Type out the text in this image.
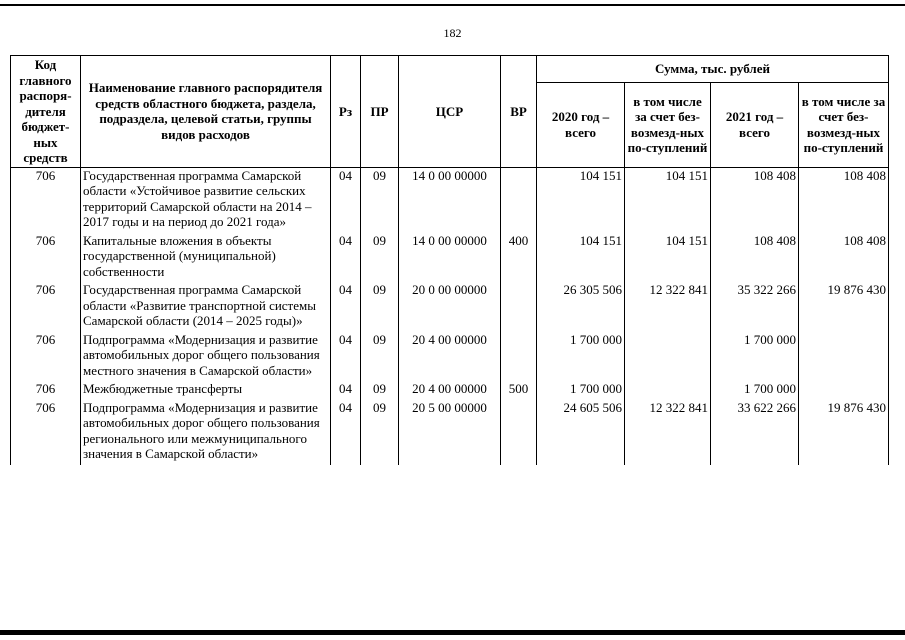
182
Код главного распоря-дителя бюджет-ных средств	Наименование главного распорядителя средств областного бюджета, раздела, подраздела, целевой статьи, группы видов расходов	Рз	ПР	ЦСР	ВР	Сумма, тыс. рублей			
						2020 год – всего	в том числе за счет без-возмезд-ных по-ступлений	2021 год – всего	в том числе за счет без-возмезд-ных по-ступлений
706	Государственная программа Самарской области «Устойчивое развитие сельских территорий Самарской области на 2014 – 2017 годы и на период до 2021 года»	04	09	14 0 00 00000		104 151	104 151	108 408	108 408
706	Капитальные вложения в объекты государственной (муниципальной) собственности	04	09	14 0 00 00000	400	104 151	104 151	108 408	108 408
706	Государственная программа Самарской области «Развитие транспортной системы Самарской области (2014 – 2025 годы)»	04	09	20 0 00 00000		26 305 506	12 322 841	35 322 266	19 876 430
706	Подпрограмма «Модернизация и развитие автомобильных дорог общего пользования местного значения в Самарской области»	04	09	20 4 00 00000		1 700 000		1 700 000	
706	Межбюджетные трансферты	04	09	20 4 00 00000	500	1 700 000		1 700 000	
706	Подпрограмма «Модернизация и развитие автомобильных дорог общего пользования регионального или межмуниципального значения в Самарской области»	04	09	20 5 00 00000		24 605 506	12 322 841	33 622 266	19 876 430
